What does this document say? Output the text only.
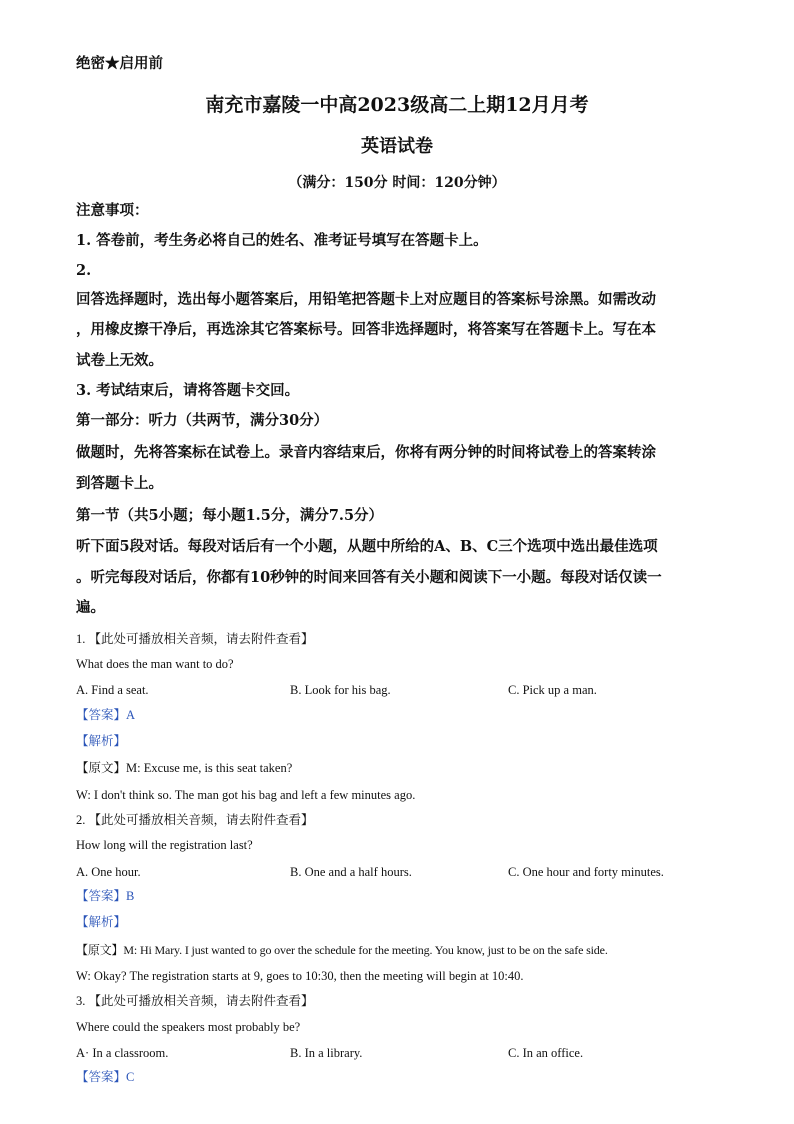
绝密★启用前
南充市嘉陵一中高2023级高二上期12月月考
英语试卷
（满分：150分 时间：120分钟）
注意事项：
1. 答卷前，考生务必将自己的姓名、准考证号填写在答题卡上。
2.
回答选择题时，选出每小题答案后，用铅笔把答题卡上对应题目的答案标号涂黑。如需改动
，用橡皮擦干净后，再选涂其它答案标号。回答非选择题时，将答案写在答题卡上。写在本
试卷上无效。
3. 考试结束后，请将答题卡交回。
第一部分：听力（共两节，满分30分）
做题时，先将答案标在试卷上。录音内容结束后，你将有两分钟的时间将试卷上的答案转涂
到答题卡上。
第一节（共5小题；每小题1.5分，满分7.5分）
听下面5段对话。每段对话后有一个小题，从题中所给的A、B、C三个选项中选出最佳选项
。听完每段对话后，你都有10秒钟的时间来回答有关小题和阅读下一小题。每段对话仅读一
遍。
1. 【此处可播放相关音频，请去附件查看】
What does the man want to do?
A. Find a seat.	B. Look for his bag.	C. Pick up a man.
【答案】A
【解析】
【原文】M: Excuse me, is this seat taken?
W: I don't think so. The man got his bag and left a few minutes ago.
2. 【此处可播放相关音频，请去附件查看】
How long will the registration last?
A. One hour.	B. One and a half hours.	C. One hour and forty minutes.
【答案】B
【解析】
【原文】M: Hi Mary. I just wanted to go over the schedule for the meeting. You know, just to be on the safe side.
W: Okay? The registration starts at 9, goes to 10:30, then the meeting will begin at 10:40.
3. 【此处可播放相关音频，请去附件查看】
Where could the speakers most probably be?
A· In a classroom.	B. In a library.	C. In an office.
【答案】C
